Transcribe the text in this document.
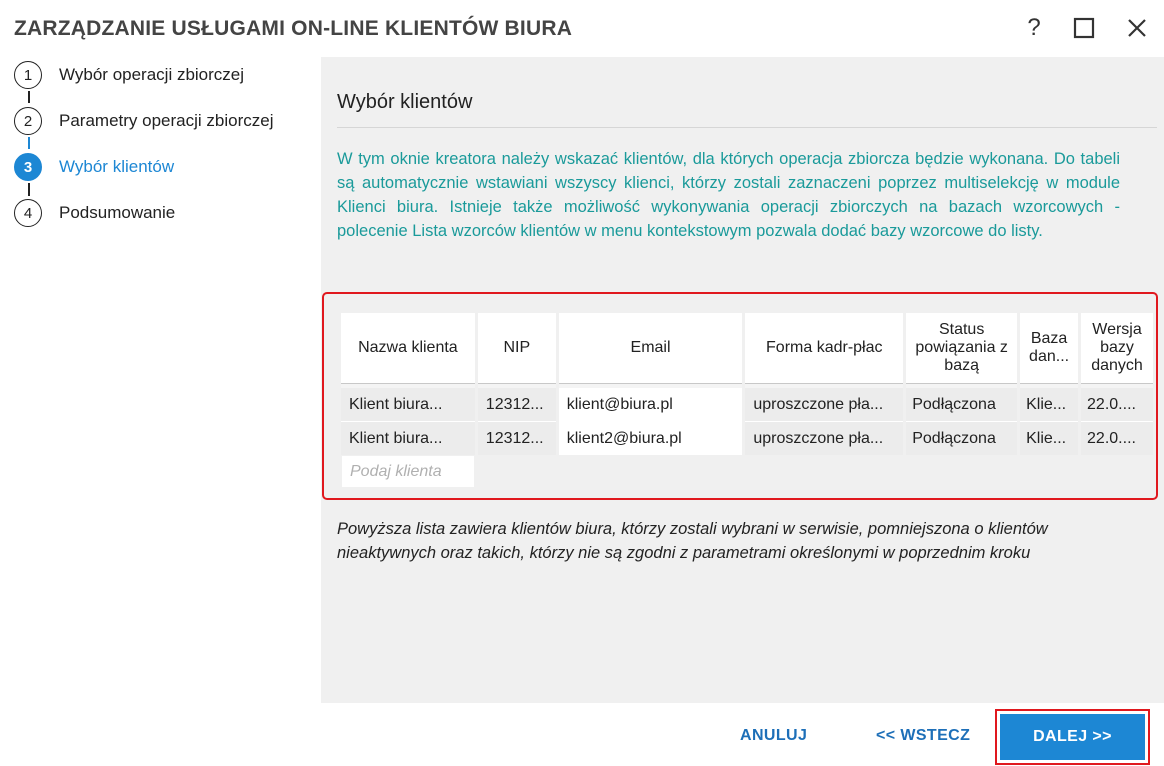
ZARZĄDZANIE USŁUGAMI ON-LINE KLIENTÓW BIURA	?
1	Wybór operacji zbiorczej
2	Parametry operacji zbiorczej
3	Wybór klientów
4	Podsumowanie
Wybór klientów
W tym oknie kreatora należy wskazać klientów, dla których operacja zbiorcza będzie wykonana. Do tabeli są automatycznie wstawiani wszyscy klienci, którzy zostali zaznaczeni poprzez multiselekcję w module Klienci biura. Istnieje także możliwość wykonywania operacji zbiorczych na bazach wzorcowych - polecenie Lista wzorców klientów w menu kontekstowym pozwala dodać bazy wzorcowe do listy.
Nazwa klienta	NIP	Email	Forma kadr-płac	Status powiązania z bazą	Baza dan...	Wersja bazy danych
Klient biura...	12312...	klient@biura.pl	uproszczone pła...	Podłączona	Klie...	22.0....
Klient biura...	12312...	klient2@biura.pl	uproszczone pła...	Podłączona	Klie...	22.0....
Podaj klienta
Powyższa lista zawiera klientów biura, którzy zostali wybrani w serwisie, pomniejszona o klientów nieaktywnych oraz takich, którzy nie są zgodni z parametrami określonymi w poprzednim kroku
ANULUJ	<< WSTECZ	DALEJ >>
